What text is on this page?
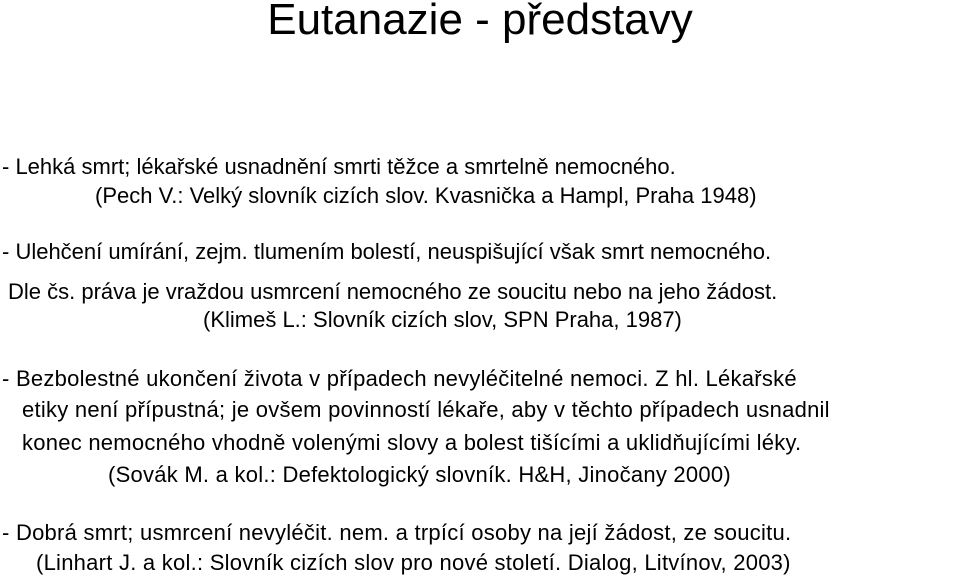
Eutanazie - představy
- Lehká smrt; lékařské usnadnění smrti těžce a smrtelně nemocného.
(Pech V.: Velký slovník cizích slov. Kvasnička a Hampl, Praha 1948)
- Ulehčení umírání, zejm. tlumením bolestí, neuspišující však smrt nemocného.
Dle čs. práva je vraždou usmrcení nemocného ze soucitu nebo na jeho žádost.
(Klimeš L.: Slovník cizích slov, SPN Praha, 1987)
- Bezbolestné ukončení života v případech nevyléčitelné nemoci. Z hl. Lékařské
etiky není přípustná; je ovšem povinností lékaře, aby v těchto případech usnadnil
konec nemocného vhodně volenými slovy a bolest tišícími a uklidňujícími léky.
(Sovák M. a kol.: Defektologický slovník. H&H, Jinočany 2000)
- Dobrá smrt; usmrcení nevyléčit. nem. a trpící osoby na její žádost, ze soucitu.
(Linhart J. a kol.: Slovník cizích slov pro nové století. Dialog, Litvínov, 2003)
